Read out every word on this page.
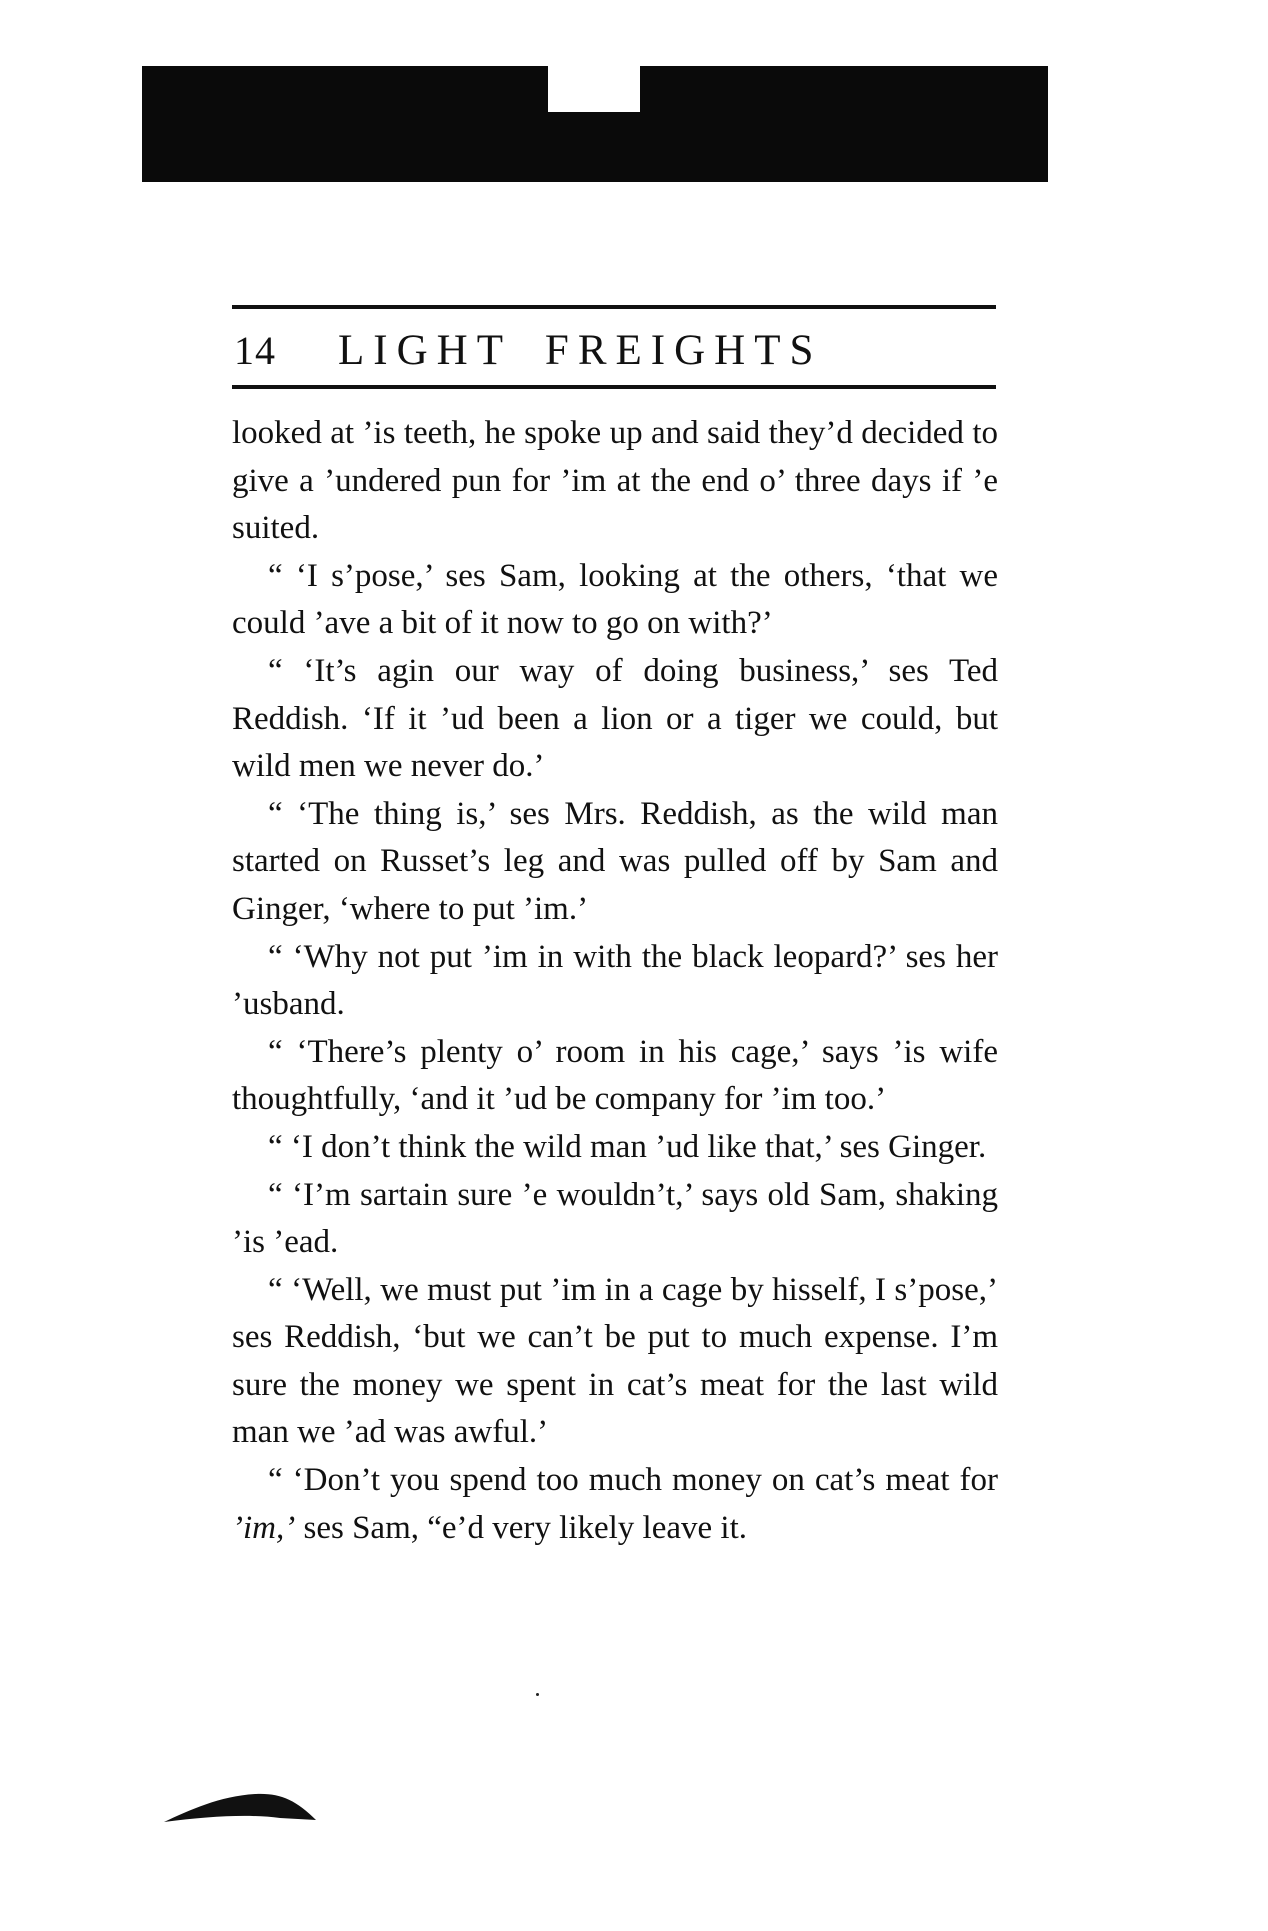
14 LIGHT FREIGHTS

looked at ’is teeth, he spoke up and said they’d decided to give a ’undered pun for ’im at the end o’ three days if ’e suited.

“ ‘I s’pose,’ ses Sam, looking at the others, ‘that we could ’ave a bit of it now to go on with?’

“ ‘It’s agin our way of doing business,’ ses Ted Reddish. ‘If it ’ud been a lion or a tiger we could, but wild men we never do.’

“ ‘The thing is,’ ses Mrs. Reddish, as the wild man started on Russet’s leg and was pulled off by Sam and Ginger, ‘where to put ’im.’

“ ‘Why not put ’im in with the black leopard?’ ses her ’usband.

“ ‘There’s plenty o’ room in his cage,’ says ’is wife thoughtfully, ‘and it ’ud be company for ’im too.’

“ ‘I don’t think the wild man ’ud like that,’ ses Ginger.

“ ‘I’m sartain sure ’e wouldn’t,’ says old Sam, shaking ’is ’ead.

“ ‘Well, we must put ’im in a cage by hisself, I s’pose,’ ses Reddish, ‘but we can’t be put to much expense. I’m sure the money we spent in cat’s meat for the last wild man we ’ad was awful.’

“ ‘Don’t you spend too much money on cat’s meat for ’im,’ ses Sam, “e’d very likely leave it.
